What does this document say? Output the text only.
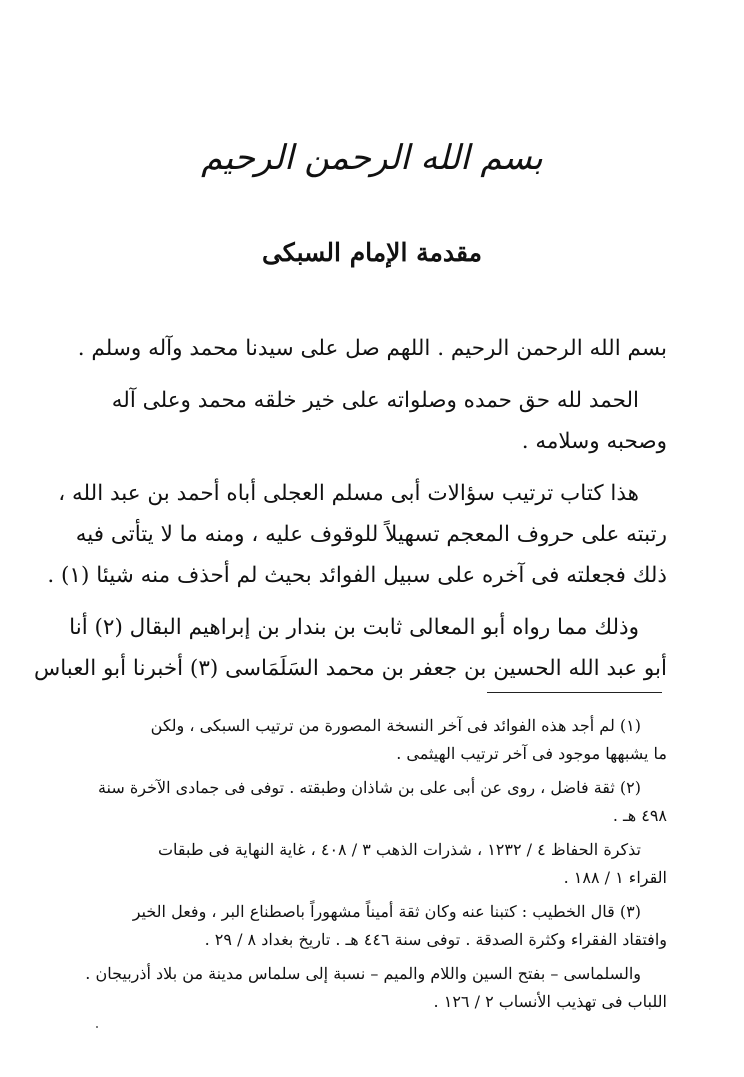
بسم الله الرحمن الرحيم
مقدمة الإمام السبكى
بسم الله الرحمن الرحيم . اللهم صل على سيدنا محمد وآله وسلم .
الحمد لله حق حمده وصلواته على خير خلقه محمد وعلى آله
وصحبه وسلامه .
هذا كتاب ترتيب سؤالات أبى مسلم العجلى أباه أحمد بن عبد الله ،
رتبته على حروف المعجم تسهيلاً للوقوف عليه ، ومنه ما لا يتأتى فيه
ذلك فجعلته فى آخره على سبيل الفوائد بحيث لم أحذف منه شيئا (١) .
وذلك مما رواه أبو المعالى ثابت بن بندار بن إبراهيم البقال (٢) أنا
أبو عبد الله الحسين بن جعفر بن محمد السَلَمَاسى (٣) أخبرنا أبو العباس
(١) لم أجد هذه الفوائد فى آخر النسخة المصورة من ترتيب السبكى ، ولكن
ما يشبهها موجود فى آخر ترتيب الهيثمى .
(٢) ثقة فاضل ، روى عن أبى على بن شاذان وطبقته . توفى فى جمادى الآخرة سنة
٤٩٨ هـ .
تذكرة الحفاظ ٤ / ١٢٣٢ ، شذرات الذهب ٣ / ٤٠٨ ، غاية النهاية فى طبقات
القراء ١ / ١٨٨ .
(٣) قال الخطيب : كتبنا عنه وكان ثقة أميناً مشهوراً باصطناع البر ، وفعل الخير
وافتقاد الفقراء وكثرة الصدقة . توفى سنة ٤٤٦ هـ . تاريخ بغداد ٨ / ٢٩ .
والسلماسى – بفتح السين واللام والميم – نسبة إلى سلماس مدينة من بلاد أذربيجان .
اللباب فى تهذيب الأنساب ٢ / ١٢٦ .
